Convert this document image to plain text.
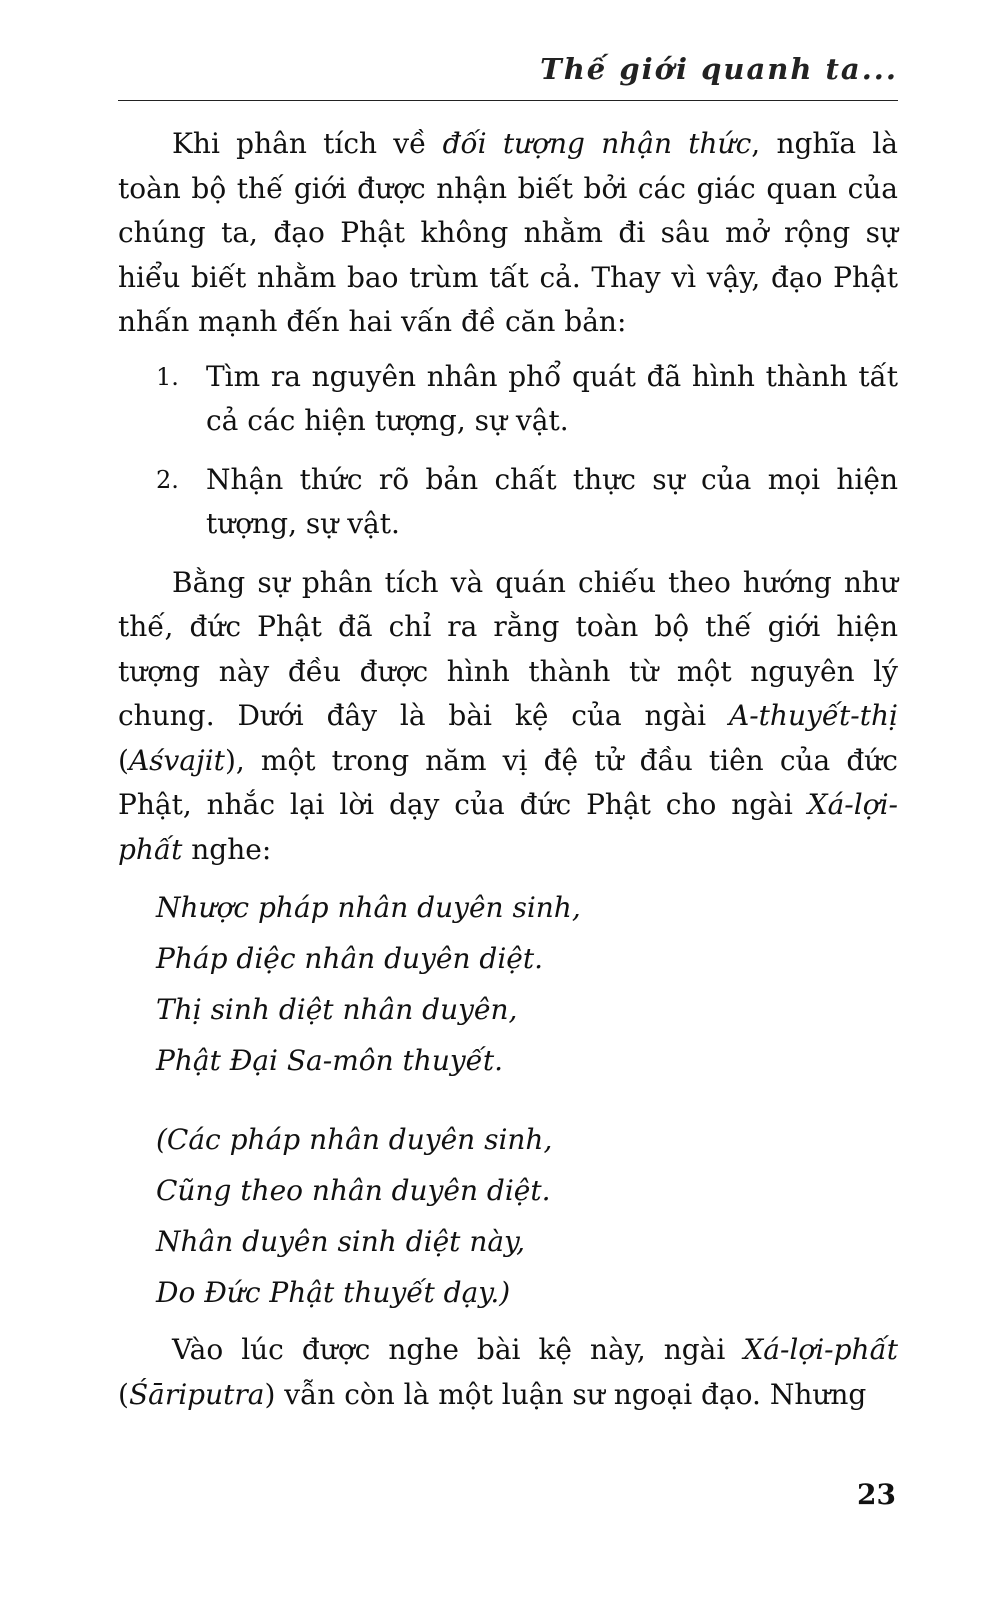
Thế giới quanh ta...

Khi phân tích về đối tượng nhận thức, nghĩa là toàn bộ thế giới được nhận biết bởi các giác quan của chúng ta, đạo Phật không nhằm đi sâu mở rộng sự hiểu biết nhằm bao trùm tất cả. Thay vì vậy, đạo Phật nhấn mạnh đến hai vấn đề căn bản:

1. Tìm ra nguyên nhân phổ quát đã hình thành tất cả các hiện tượng, sự vật.
2. Nhận thức rõ bản chất thực sự của mọi hiện tượng, sự vật.

Bằng sự phân tích và quán chiếu theo hướng như thế, đức Phật đã chỉ ra rằng toàn bộ thế giới hiện tượng này đều được hình thành từ một nguyên lý chung. Dưới đây là bài kệ của ngài A-thuyết-thị (Aśvajit), một trong năm vị đệ tử đầu tiên của đức Phật, nhắc lại lời dạy của đức Phật cho ngài Xá-lợi-phất nghe:

Nhược pháp nhân duyên sinh,
Pháp diệc nhân duyên diệt.
Thị sinh diệt nhân duyên,
Phật Đại Sa-môn thuyết.
(Các pháp nhân duyên sinh,
Cũng theo nhân duyên diệt.
Nhân duyên sinh diệt này,
Do Đức Phật thuyết dạy.)

Vào lúc được nghe bài kệ này, ngài Xá-lợi-phất (Śāriputra) vẫn còn là một luận sư ngoại đạo. Nhưng

23
